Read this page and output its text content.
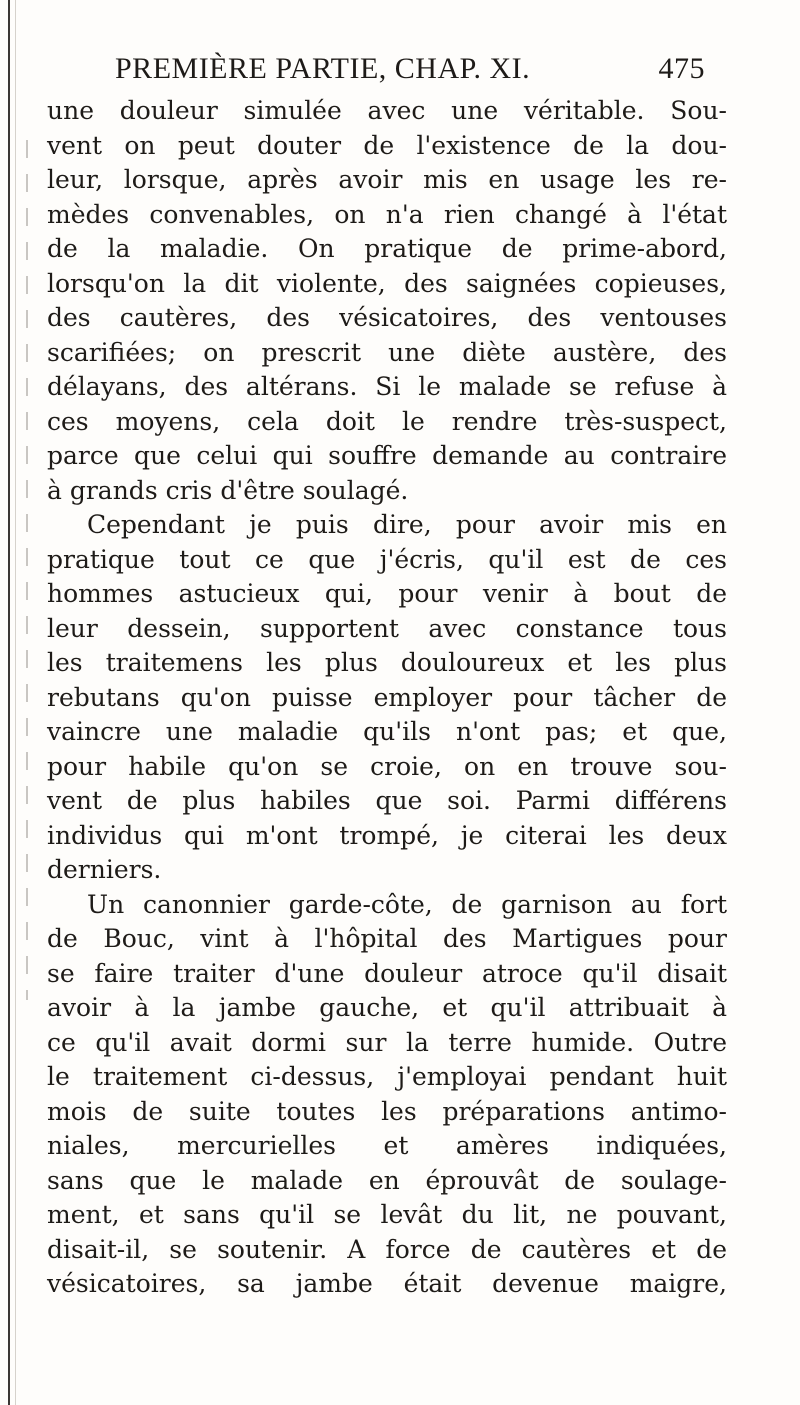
PREMIÈRE PARTIE, CHAP. XI.	475
une douleur simulée avec une véritable. Sou-
vent on peut douter de l'existence de la dou-
leur, lorsque, après avoir mis en usage les re-
mèdes convenables, on n'a rien changé à l'état
de la maladie. On pratique de prime-abord,
lorsqu'on la dit violente, des saignées copieuses,
des cautères, des vésicatoires, des ventouses
scarifiées; on prescrit une diète austère, des
délayans, des altérans. Si le malade se refuse à
ces moyens, cela doit le rendre très-suspect,
parce que celui qui souffre demande au contraire
à grands cris d'être soulagé.
Cependant je puis dire, pour avoir mis en
pratique tout ce que j'écris, qu'il est de ces
hommes astucieux qui, pour venir à bout de
leur dessein, supportent avec constance tous
les traitemens les plus douloureux et les plus
rebutans qu'on puisse employer pour tâcher de
vaincre une maladie qu'ils n'ont pas; et que,
pour habile qu'on se croie, on en trouve sou-
vent de plus habiles que soi. Parmi différens
individus qui m'ont trompé, je citerai les deux
derniers.
Un canonnier garde-côte, de garnison au fort
de Bouc, vint à l'hôpital des Martigues pour
se faire traiter d'une douleur atroce qu'il disait
avoir à la jambe gauche, et qu'il attribuait à
ce qu'il avait dormi sur la terre humide. Outre
le traitement ci-dessus, j'employai pendant huit
mois de suite toutes les préparations antimo-
niales, mercurielles et amères indiquées,
sans que le malade en éprouvât de soulage-
ment, et sans qu'il se levât du lit, ne pouvant,
disait-il, se soutenir. A force de cautères et de
vésicatoires, sa jambe était devenue maigre,
